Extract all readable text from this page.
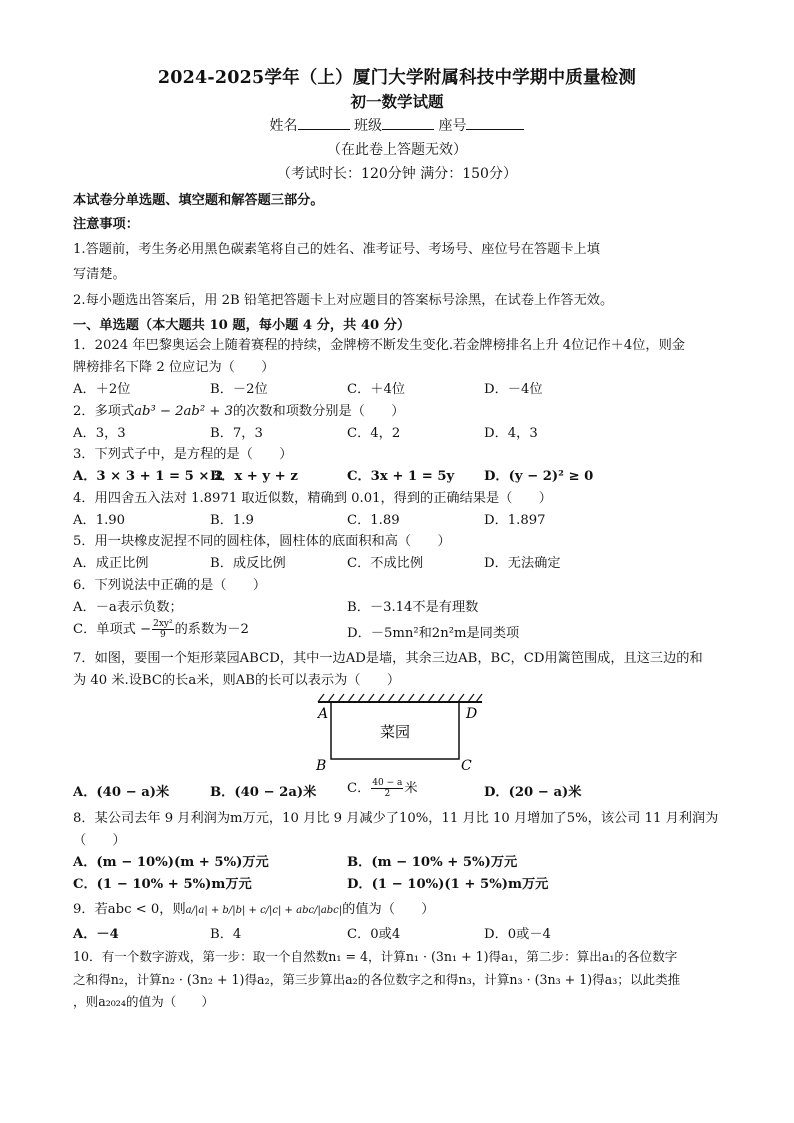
2024-2025学年（上）厦门大学附属科技中学期中质量检测
初一数学试题
姓名	班级	座号
（在此卷上答题无效）
（考试时长：120分钟 满分：150分）
本试卷分单选题、填空题和解答题三部分。
注意事项：
1.答题前，考生务必用黑色碳素笔将自己的姓名、准考证号、考场号、座位号在答题卡上填
写清楚。
2.每小题选出答案后，用 2B 铅笔把答题卡上对应题目的答案标号涂黑，在试卷上作答无效。
一、单选题（本大题共 10 题，每小题 4 分，共 40 分）
1．2024 年巴黎奥运会上随着赛程的持续，金牌榜不断发生变化.若金牌榜排名上升 4位记作＋4位，则金
牌榜排名下降 2 位应记为（　　）
A．＋2位	B．－2位	C．＋4位	D．－4位
2．多项式ab³ − 2ab² + 3的次数和项数分别是（　　）
A．3，3	B．7，3	C．4，2	D．4，3
3．下列式子中，是方程的是（　　）
A．3 × 3 + 1 = 5 × 2
B．x + y + z	C．3x + 1 = 5y D．(y − 2)² ≥ 0
4．用四舍五入法对 1.8971 取近似数，精确到 0.01，得到的正确结果是（　　）
A．1.90	B．1.9	C．1.89	D．1.897
5．用一块橡皮泥捏不同的圆柱体，圆柱体的底面积和高（　　）
A．成正比例	B．成反比例	C．不成比例	D．无法确定
6．下列说法中正确的是（　　）
A．－a表示负数；	B．－3.14不是有理数
C．单项式 − $\frac{\text{2xy²}}{9}$ 的系数为－2	D．－5mn²和2n²m是同类项
7．如图，要围一个矩形菜园ABCD，其中一边AD是墙，其余三边AB，BC，CD用篱笆围成，且这三边的和
为 40 米.设BC的长a米，则AB的长可以表示为（　　）
菜园
A	D
B	C
A．(40 − a)米	B．(40 − 2a)米 C． $\frac{40 - a}{2}$ 米	D．(20 − a)米
8．某公司去年 9 月利润为m万元，10 月比 9 月减少了10%，11 月比 10 月增加了5%，该公司 11 月利润为
（　　）
A．(m − 10%)(m + 5%)万元	B．(m − 10% + 5%)万元
C．(1 − 10% + 5%)m万元	D．(1 − 10%)(1 + 5%)m万元
9．若abc < 0，则a/|a| + b/|b| + c/|c| + abc/|abc|的值为（　　）
A．－4	B．4	C．0或4	D．0或－4
10．有一个数字游戏，第一步：取一个自然数n₁ = 4，计算n₁ · (3n₁ + 1)得a₁，第二步：算出a₁的各位数字
之和得n₂，计算n₂ · (3n₂ + 1)得a₂，第三步算出a₂的各位数字之和得n₃，计算n₃ · (3n₃ + 1)得a₃；以此类推
，则a₂₀₂₄的值为（　　）
